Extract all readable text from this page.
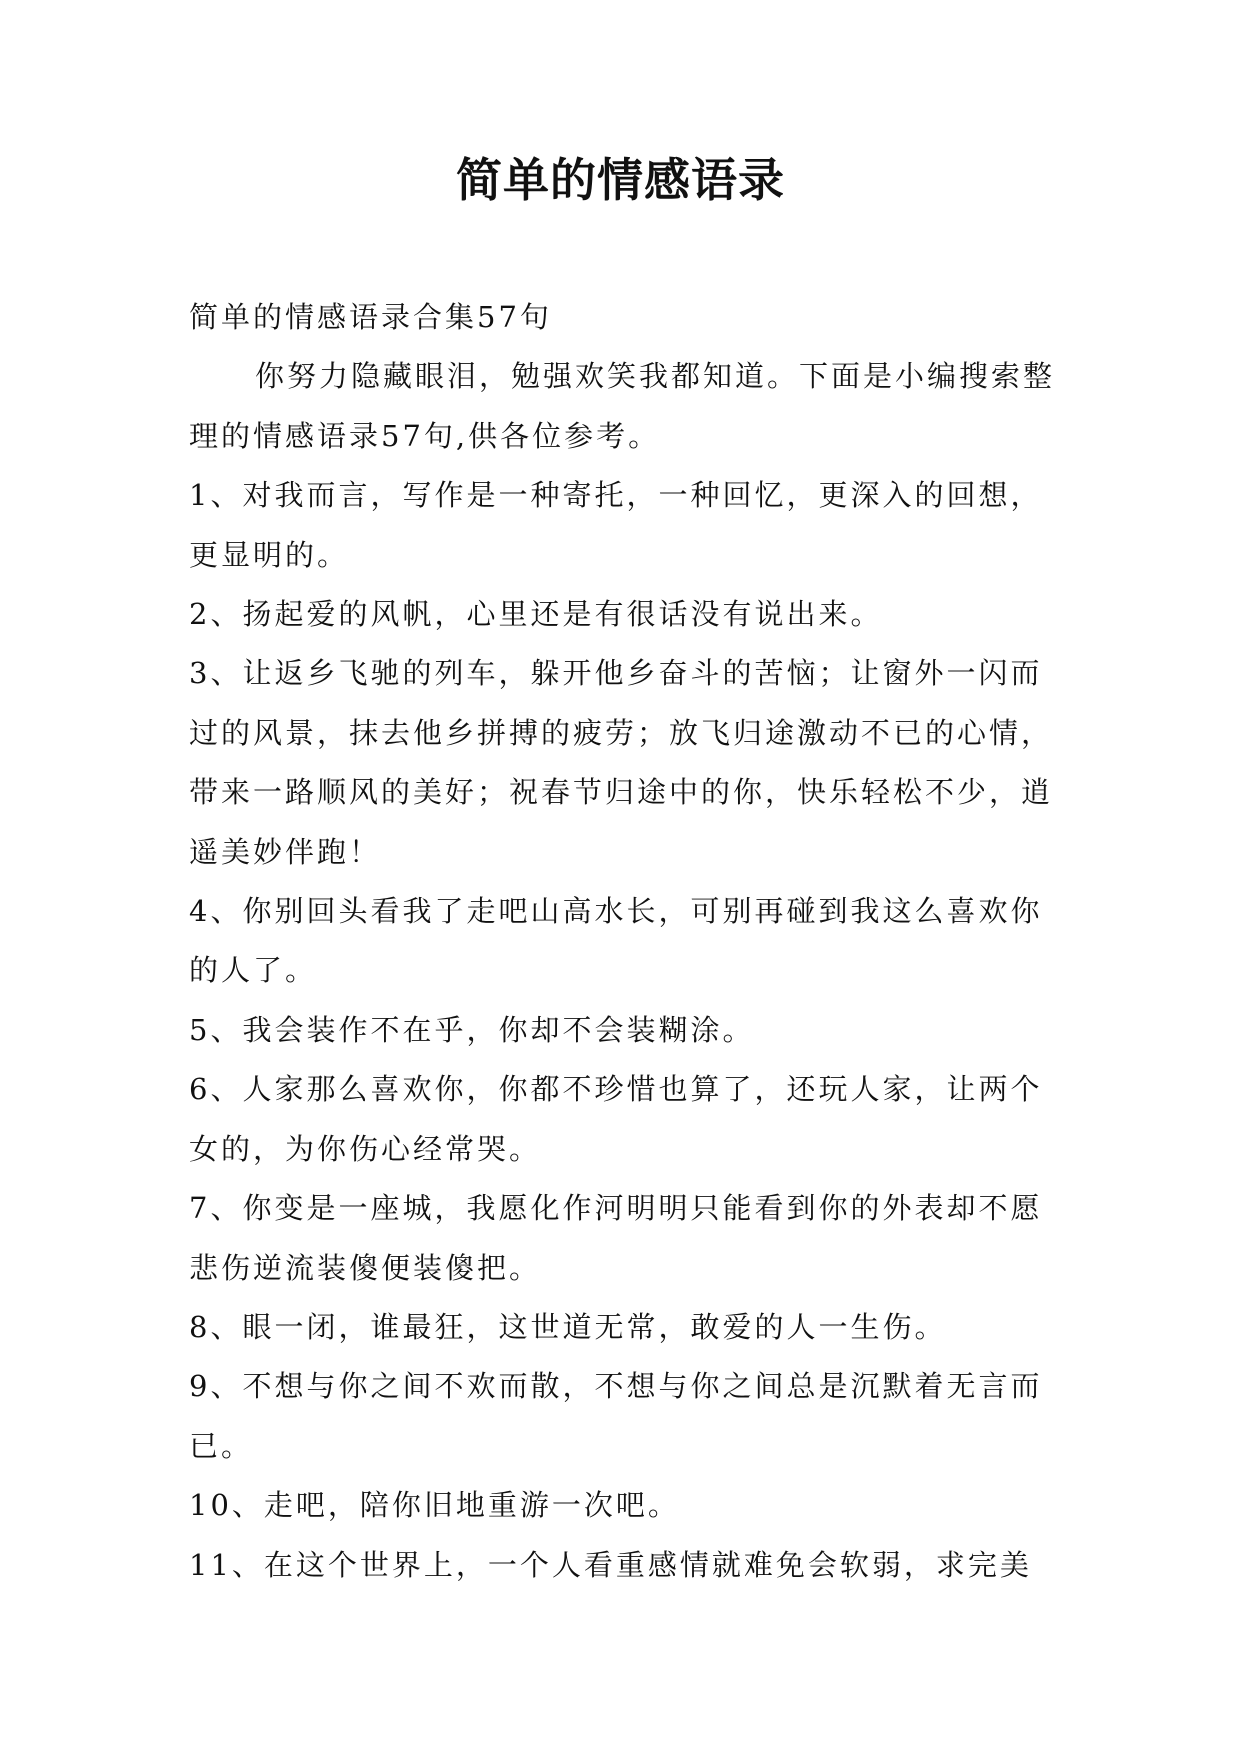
简单的情感语录

简单的情感语录合集57句

你努力隐藏眼泪，勉强欢笑我都知道。下面是小编搜索整理的情感语录57句,供各位参考。

1、对我而言，写作是一种寄托，一种回忆，更深入的回想，更显明的。

2、扬起爱的风帆，心里还是有很话没有说出来。

3、让返乡飞驰的列车，躲开他乡奋斗的苦恼；让窗外一闪而过的风景，抹去他乡拼搏的疲劳；放飞归途激动不已的心情，带来一路顺风的美好；祝春节归途中的你，快乐轻松不少，逍遥美妙伴跑！

4、你别回头看我了走吧山高水长，可别再碰到我这么喜欢你的人了。

5、我会装作不在乎，你却不会装糊涂。

6、人家那么喜欢你，你都不珍惜也算了，还玩人家，让两个女的，为你伤心经常哭。

7、你变是一座城，我愿化作河明明只能看到你的外表却不愿悲伤逆流装傻便装傻把。

8、眼一闭，谁最狂，这世道无常，敢爱的人一生伤。

9、不想与你之间不欢而散，不想与你之间总是沉默着无言而已。

10、走吧，陪你旧地重游一次吧。

11、在这个世界上，一个人看重感情就难免会软弱，求完美
